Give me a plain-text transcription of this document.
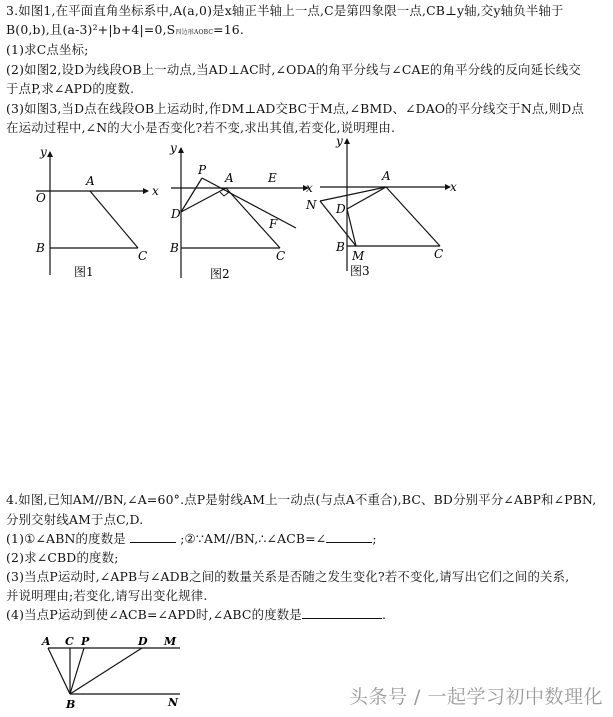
3.如图1,在平面直角坐标系中,A(a,0)是x轴正半轴上一点,C是第四象限一点,CB⊥y轴,交y轴负半轴于
B(0,b),且(a-3)²+|b+4|=0,S四边形AOBC=16.
(1)求C点坐标;
(2)如图2,设D为线段OB上一动点,当AD⊥AC时,∠ODA的角平分线与∠CAE的角平分线的反向延长线交
于点P,求∠APD的度数.
(3)如图3,当D点在线段OB上运动时,作DM⊥AD交BC于M点,∠BMD、∠DAO的平分线交于N点,则D点
在运动过程中,∠N的大小是否变化?若不变,求出其值,若变化,说明理由.
y
x
O
A
B
C
图1
y
x
P
A	E
D
F
B
C
图2
y
x
A
N D
B
M	C
图3
4.如图,已知AM//BN,∠A=60°.点P是射线AM上一动点(与点A不重合),BC、BD分别平分∠ABP和∠PBN,
分别交射线AM于点C,D.
(1)①∠ABN的度数是	;②∵AM//BN,∴∠ACB=∠	;
(2)求∠CBD的度数;
(3)当点P运动时,∠APB与∠ADB之间的数量关系是否随之发生变化?若不变化,请写出它们之间的关系,
并说明理由;若变化,请写出变化规律.
(4)当点P运动到使∠ACB=∠APD时,∠ABC的度数是	.
A C P	D M
B	N	头条号 / 一起学习初中数理化
